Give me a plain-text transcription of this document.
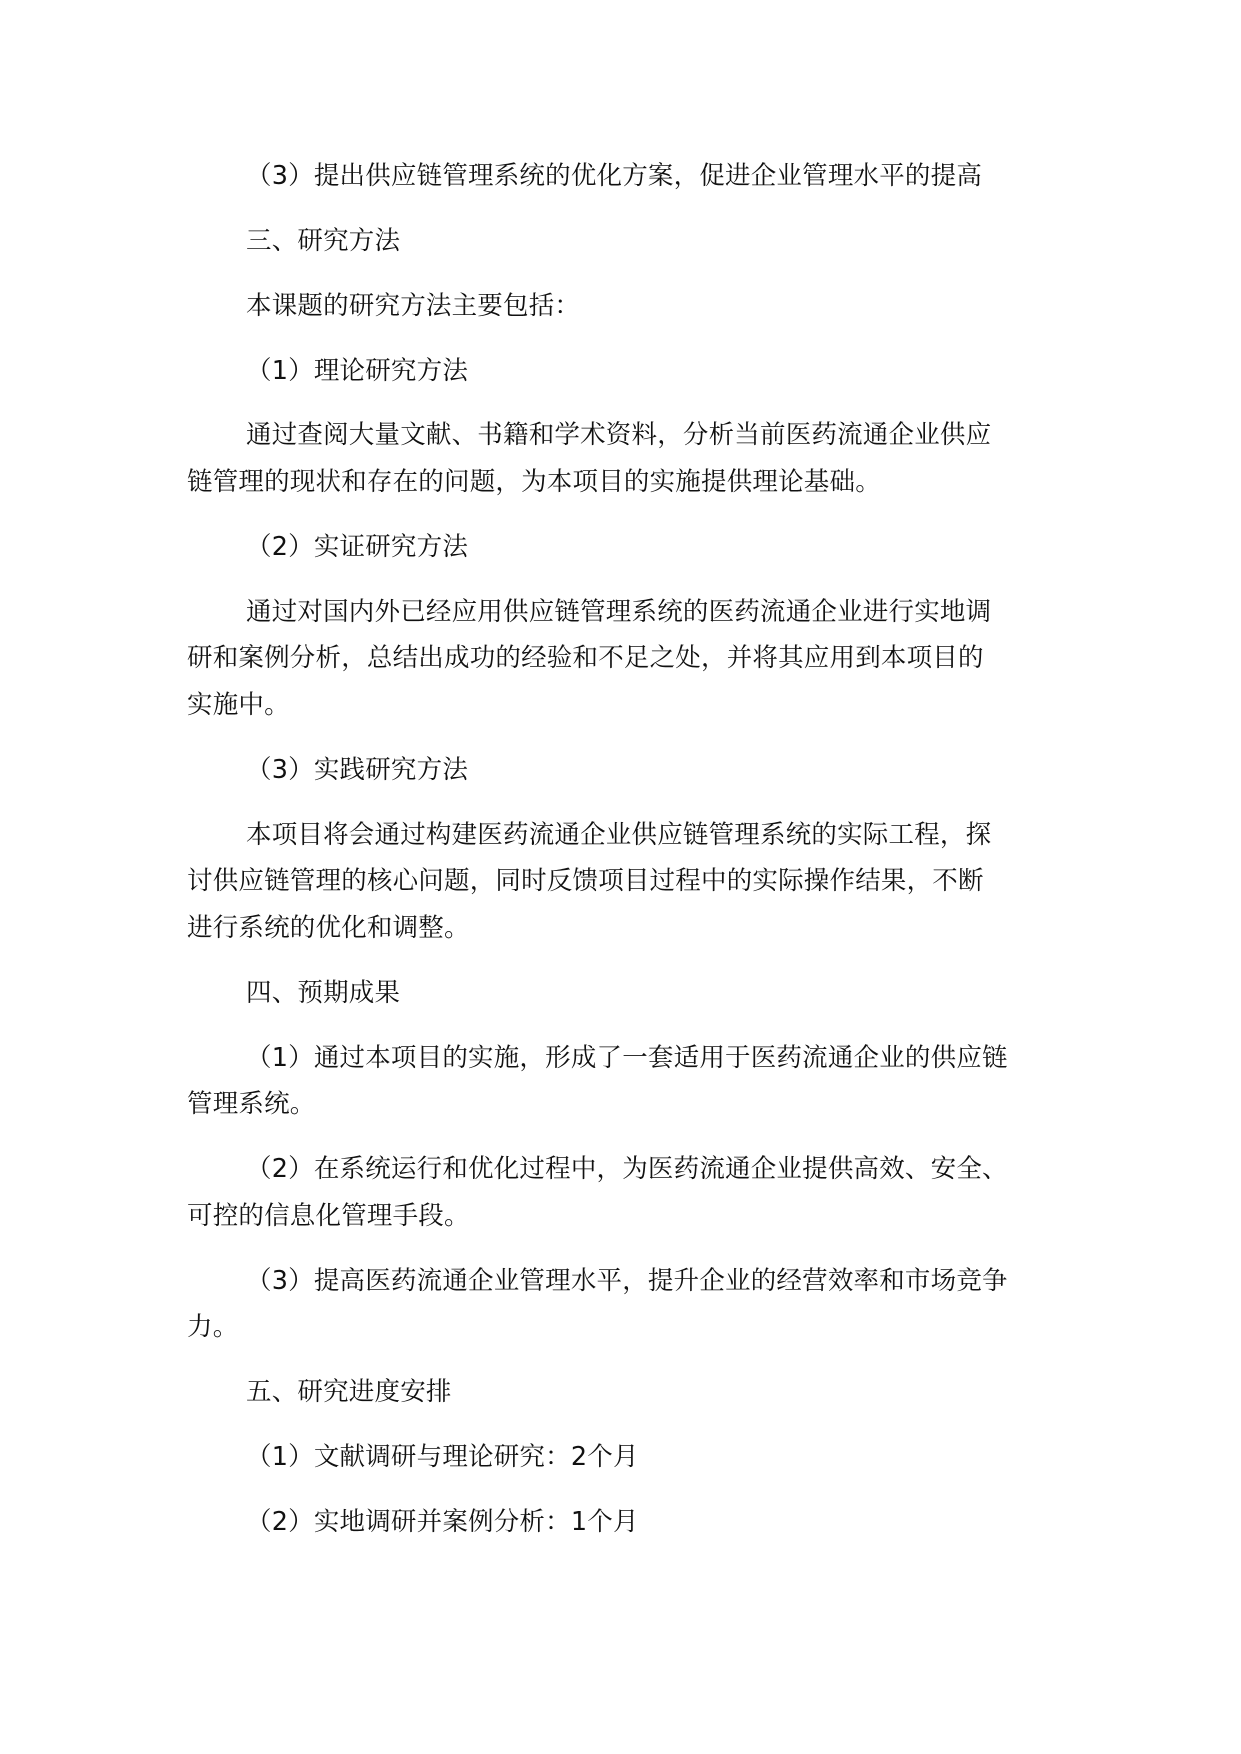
（3）提出供应链管理系统的优化方案，促进企业管理水平的提高
三、研究方法
本课题的研究方法主要包括：
（1）理论研究方法
通过查阅大量文献、书籍和学术资料，分析当前医药流通企业供应
链管理的现状和存在的问题，为本项目的实施提供理论基础。
（2）实证研究方法
通过对国内外已经应用供应链管理系统的医药流通企业进行实地调
研和案例分析，总结出成功的经验和不足之处，并将其应用到本项目的
实施中。
（3）实践研究方法
本项目将会通过构建医药流通企业供应链管理系统的实际工程，探
讨供应链管理的核心问题，同时反馈项目过程中的实际操作结果，不断
进行系统的优化和调整。
四、预期成果
（1）通过本项目的实施，形成了一套适用于医药流通企业的供应链
管理系统。
（2）在系统运行和优化过程中，为医药流通企业提供高效、安全、
可控的信息化管理手段。
（3）提高医药流通企业管理水平，提升企业的经营效率和市场竞争
力。
五、研究进度安排
（1）文献调研与理论研究：2个月
（2）实地调研并案例分析：1个月
